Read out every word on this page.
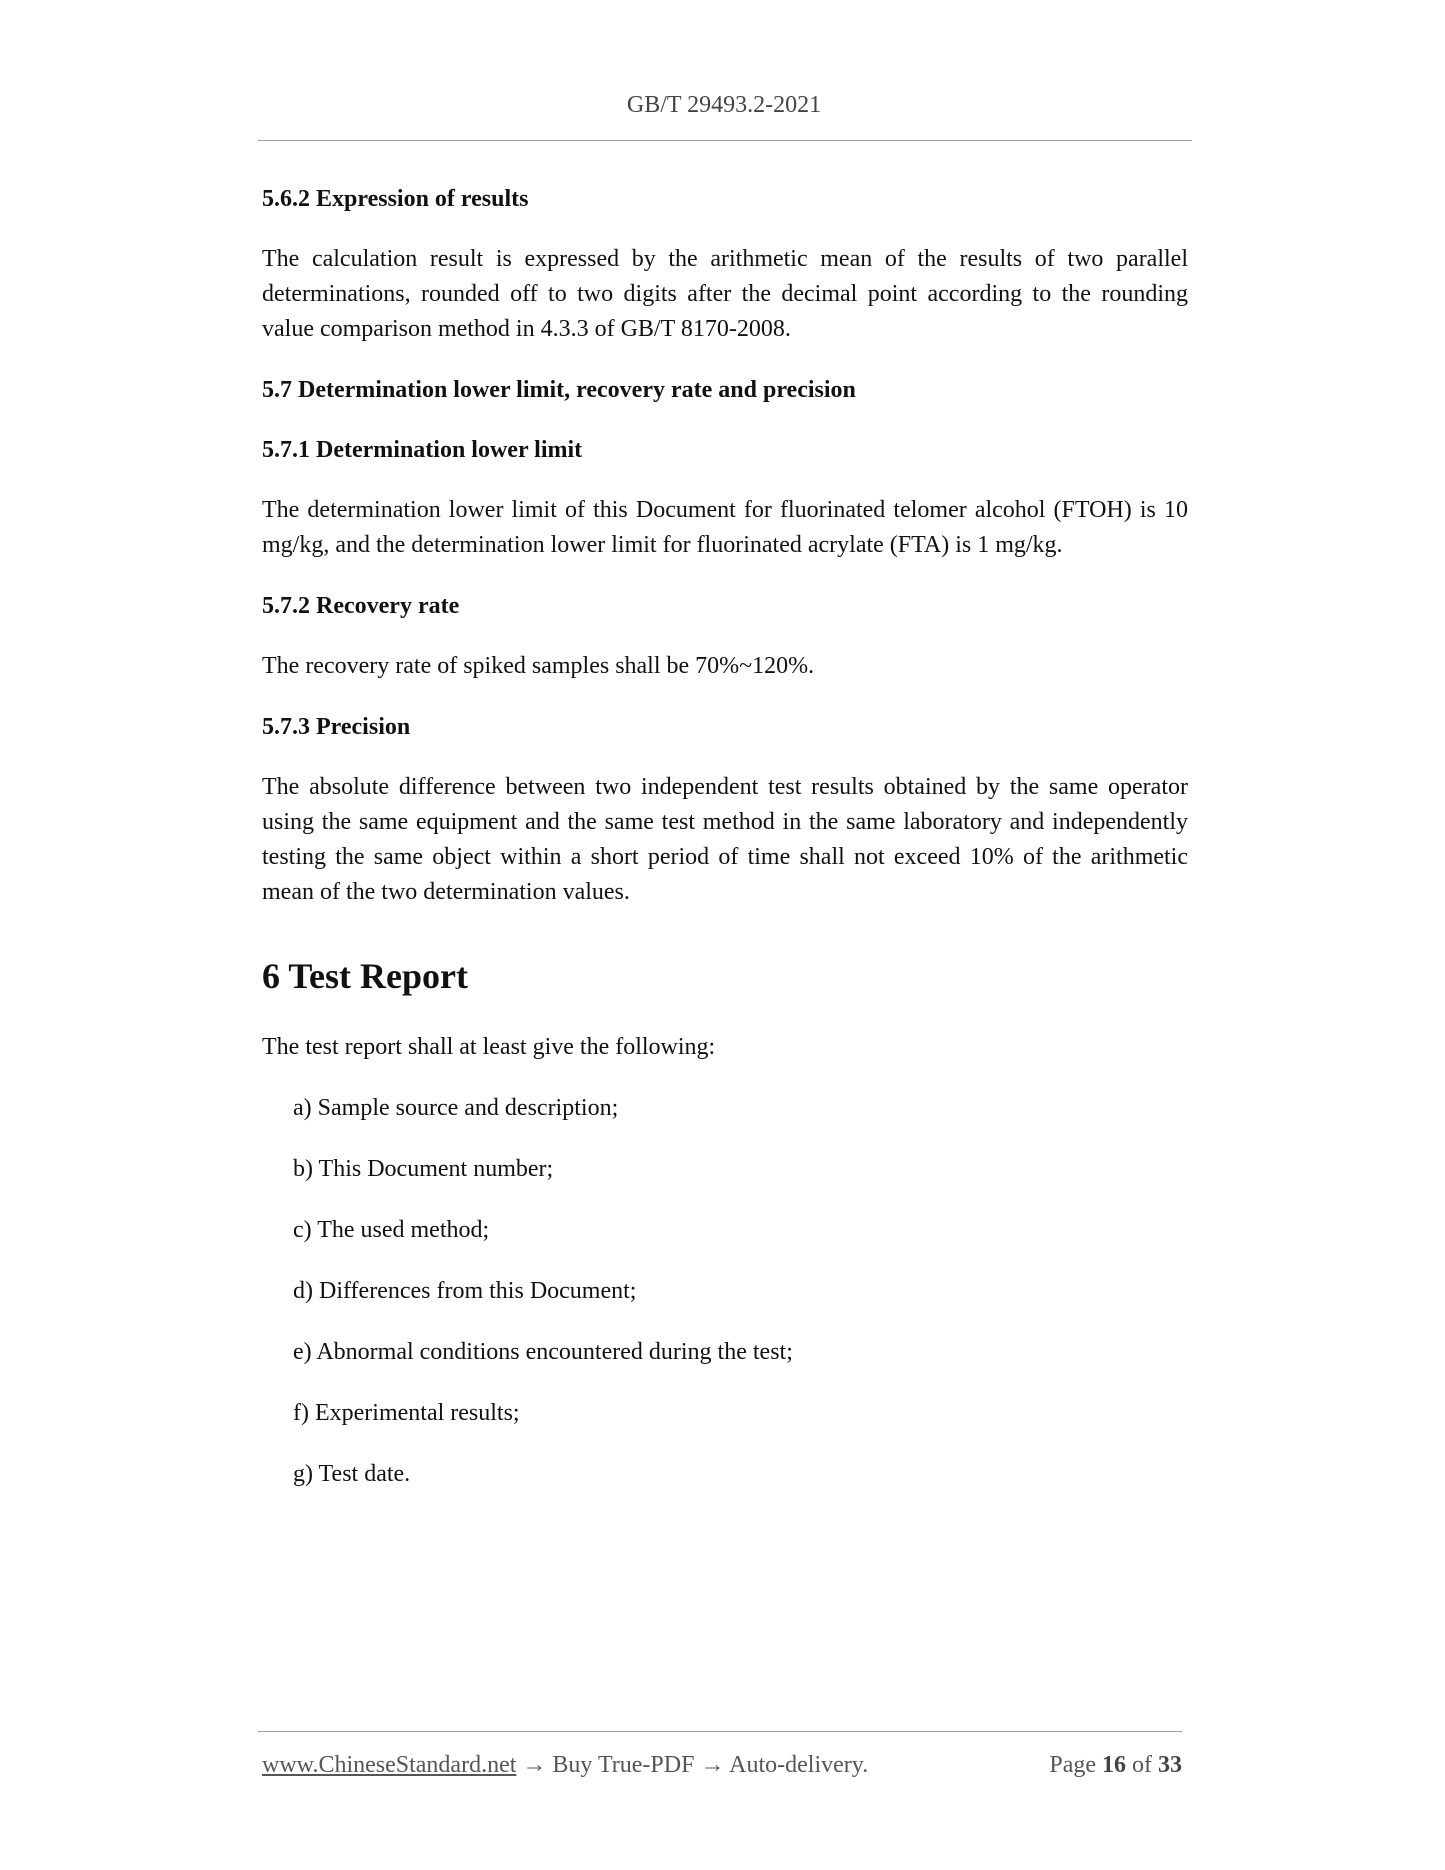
GB/T 29493.2-2021
5.6.2 Expression of results
The calculation result is expressed by the arithmetic mean of the results of two parallel determinations, rounded off to two digits after the decimal point according to the rounding value comparison method in 4.3.3 of GB/T 8170-2008.
5.7 Determination lower limit, recovery rate and precision
5.7.1 Determination lower limit
The determination lower limit of this Document for fluorinated telomer alcohol (FTOH) is 10 mg/kg, and the determination lower limit for fluorinated acrylate (FTA) is 1 mg/kg.
5.7.2 Recovery rate
The recovery rate of spiked samples shall be 70%~120%.
5.7.3 Precision
The absolute difference between two independent test results obtained by the same operator using the same equipment and the same test method in the same laboratory and independently testing the same object within a short period of time shall not exceed 10% of the arithmetic mean of the two determination values.
6 Test Report
The test report shall at least give the following:
a) Sample source and description;
b) This Document number;
c) The used method;
d) Differences from this Document;
e) Abnormal conditions encountered during the test;
f) Experimental results;
g) Test date.
www.ChineseStandard.net → Buy True-PDF → Auto-delivery.	Page 16 of 33
